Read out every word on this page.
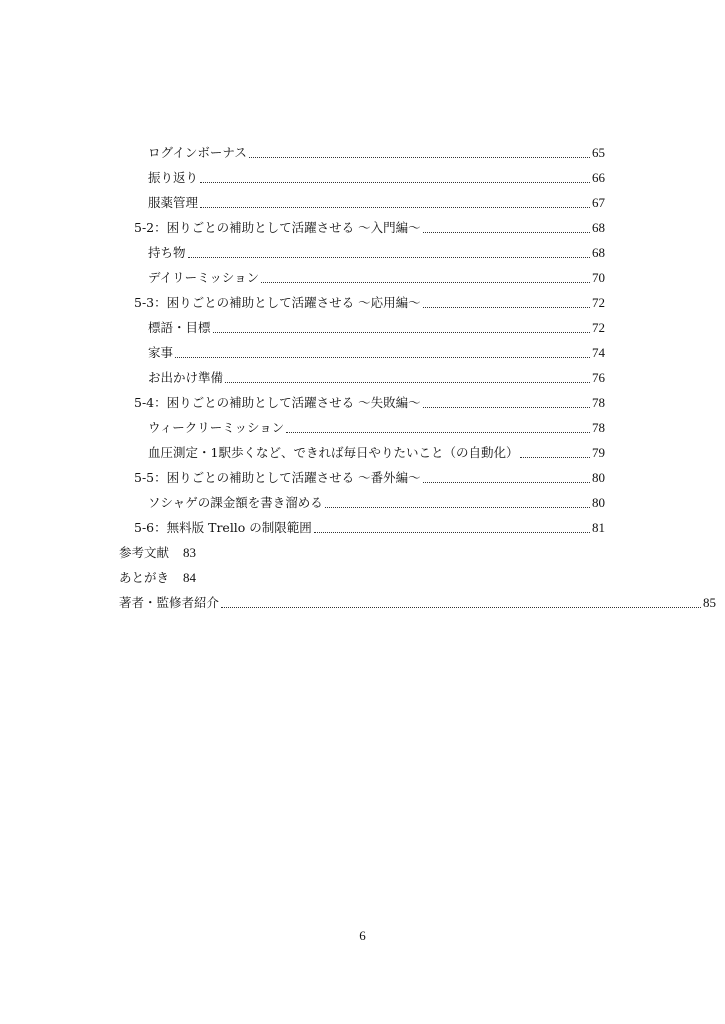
ログインボーナス	65
振り返り	66
服薬管理	67
5-2：困りごとの補助として活躍させる ～入門編～	68
持ち物	68
デイリーミッション	70
5-3：困りごとの補助として活躍させる ～応用編～	72
標語・目標	72
家事	74
お出かけ準備	76
5-4：困りごとの補助として活躍させる ～失敗編～	78
ウィークリーミッション	78
血圧測定・1駅歩くなど、できれば毎日やりたいこと（の自動化）	79
5-5：困りごとの補助として活躍させる ～番外編～	80
ソシャゲの課金額を書き溜める	80
5-6：無料版 Trello の制限範囲	81
参考文献 83
あとがき 84
著者・監修者紹介	85
6
